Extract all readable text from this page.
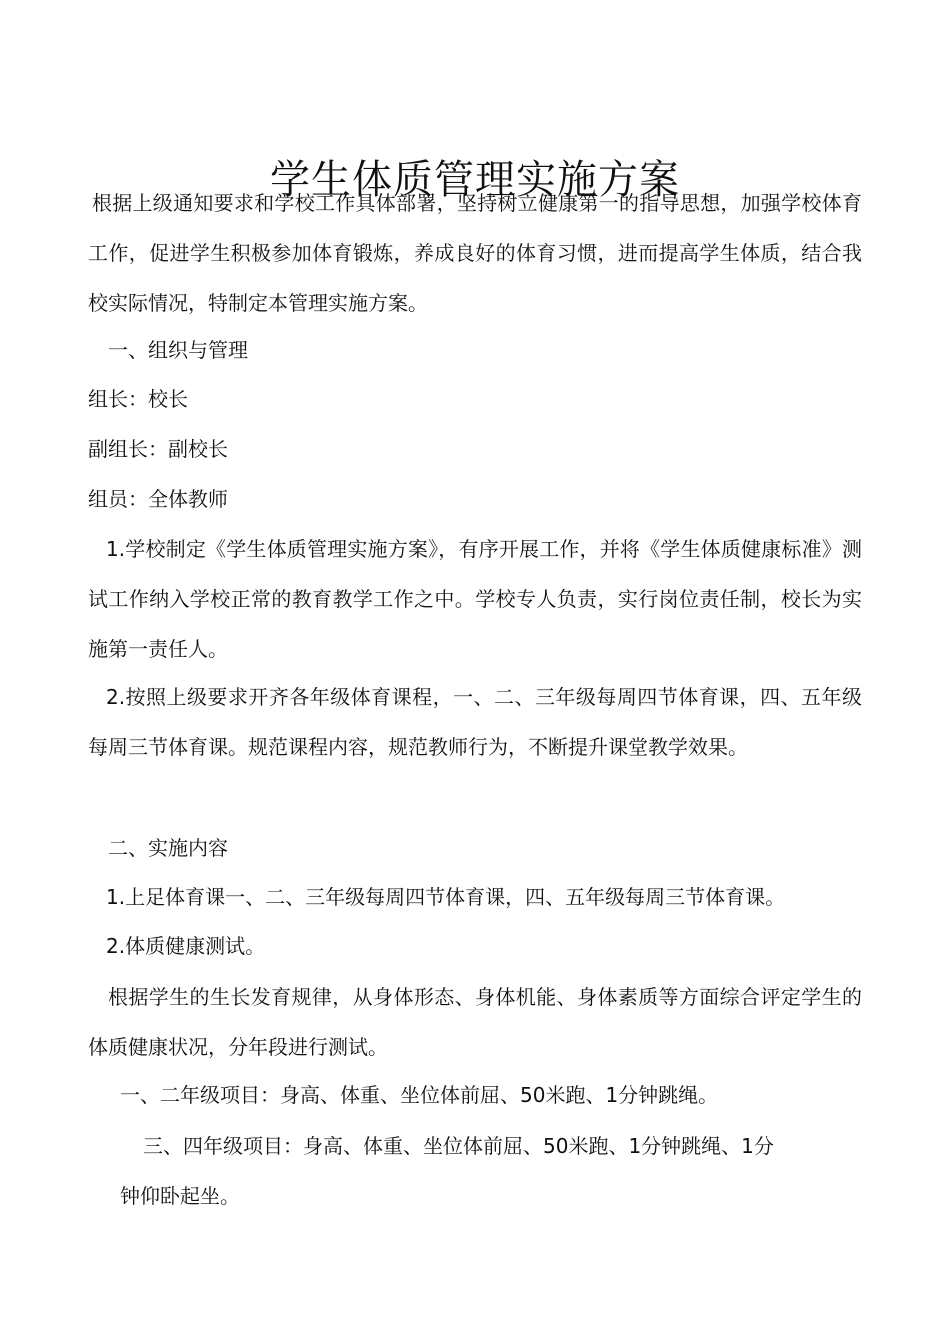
学生体质管理实施方案

根据上级通知要求和学校工作具体部署，坚持树立健康第一的指导思想，加强学校体育工作，促进学生积极参加体育锻炼，养成良好的体育习惯，进而提高学生体质，结合我校实际情况，特制定本管理实施方案。

一、组织与管理

组长：校长

副组长：副校长

组员：全体教师

1.学校制定《学生体质管理实施方案》，有序开展工作，并将《学生体质健康标准》测试工作纳入学校正常的教育教学工作之中。学校专人负责，实行岗位责任制，校长为实施第一责任人。

2.按照上级要求开齐各年级体育课程，一、二、三年级每周四节体育课，四、五年级每周三节体育课。规范课程内容，规范教师行为，不断提升课堂教学效果。

二、实施内容

1.上足体育课一、二、三年级每周四节体育课，四、五年级每周三节体育课。

2.体质健康测试。

根据学生的生长发育规律，从身体形态、身体机能、身体素质等方面综合评定学生的体质健康状况，分年段进行测试。

一、二年级项目：身高、体重、坐位体前屈、50米跑、1分钟跳绳。

三、四年级项目：身高、体重、坐位体前屈、50米跑、1分钟跳绳、1分

钟仰卧起坐。
